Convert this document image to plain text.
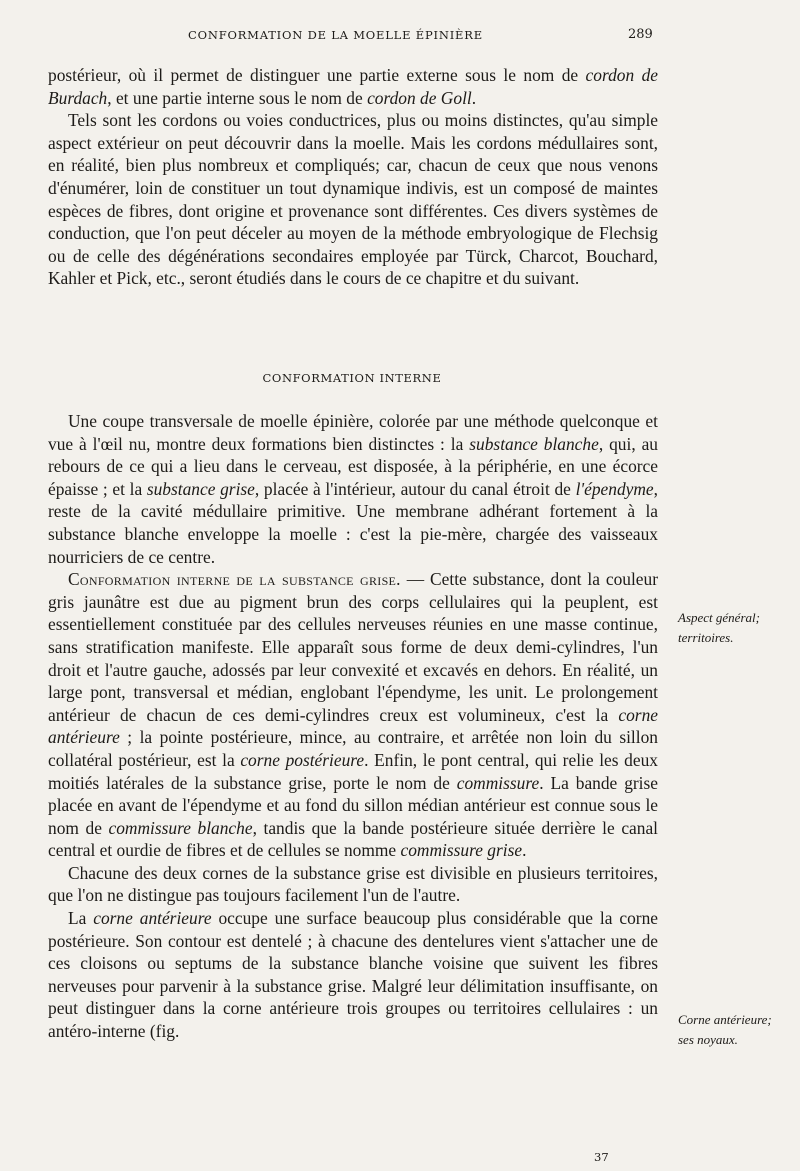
CONFORMATION DE LA MOELLE ÉPINIÈRE	289

postérieur, où il permet de distinguer une partie externe sous le nom de cordon de Burdach, et une partie interne sous le nom de cordon de Goll.

Tels sont les cordons ou voies conductrices, plus ou moins distinctes, qu'au simple aspect extérieur on peut découvrir dans la moelle. Mais les cordons médullaires sont, en réalité, bien plus nombreux et compliqués; car, chacun de ceux que nous venons d'énumérer, loin de constituer un tout dynamique indivis, est un composé de maintes espèces de fibres, dont origine et provenance sont différentes. Ces divers systèmes de conduction, que l'on peut déceler au moyen de la méthode embryologique de Flechsig ou de celle des dégénérations secondaires employée par Türck, Charcot, Bouchard, Kahler et Pick, etc., seront étudiés dans le cours de ce chapitre et du suivant.

CONFORMATION INTERNE

Une coupe transversale de moelle épinière, colorée par une méthode quelconque et vue à l'œil nu, montre deux formations bien distinctes : la substance blanche, qui, au rebours de ce qui a lieu dans le cerveau, est disposée, à la périphérie, en une écorce épaisse ; et la substance grise, placée à l'intérieur, autour du canal étroit de l'épendyme, reste de la cavité médullaire primitive. Une membrane adhérant fortement à la substance blanche enveloppe la moelle : c'est la pie-mère, chargée des vaisseaux nourriciers de ce centre.

Conformation interne de la substance grise. — Cette substance, dont la couleur gris jaunâtre est due au pigment brun des corps cellulaires qui la peuplent, est essentiellement constituée par des cellules nerveuses réunies en une masse continue, sans stratification manifeste. Elle apparaît sous forme de deux demi-cylindres, l'un droit et l'autre gauche, adossés par leur convexité et excavés en dehors. En réalité, un large pont, transversal et médian, englobant l'épendyme, les unit. Le prolongement antérieur de chacun de ces demi-cylindres creux est volumineux, c'est la corne antérieure ; la pointe postérieure, mince, au contraire, et arrêtée non loin du sillon collatéral postérieur, est la corne postérieure. Enfin, le pont central, qui relie les deux moitiés latérales de la substance grise, porte le nom de commissure. La bande grise placée en avant de l'épendyme et au fond du sillon médian antérieur est connue sous le nom de commissure blanche, tandis que la bande postérieure située derrière le canal central et ourdie de fibres et de cellules se nomme commissure grise.

Chacune des deux cornes de la substance grise est divisible en plusieurs territoires, que l'on ne distingue pas toujours facilement l'un de l'autre.

La corne antérieure occupe une surface beaucoup plus considérable que la corne postérieure. Son contour est dentelé ; à chacune des dentelures vient s'attacher une de ces cloisons ou septums de la substance blanche voisine que suivent les fibres nerveuses pour parvenir à la substance grise. Malgré leur délimitation insuffisante, on peut distinguer dans la corne antérieure trois groupes ou territoires cellulaires : un antéro-interne (fig.

Aspect général; territoires.
Corne antérieure; ses noyaux.
37
